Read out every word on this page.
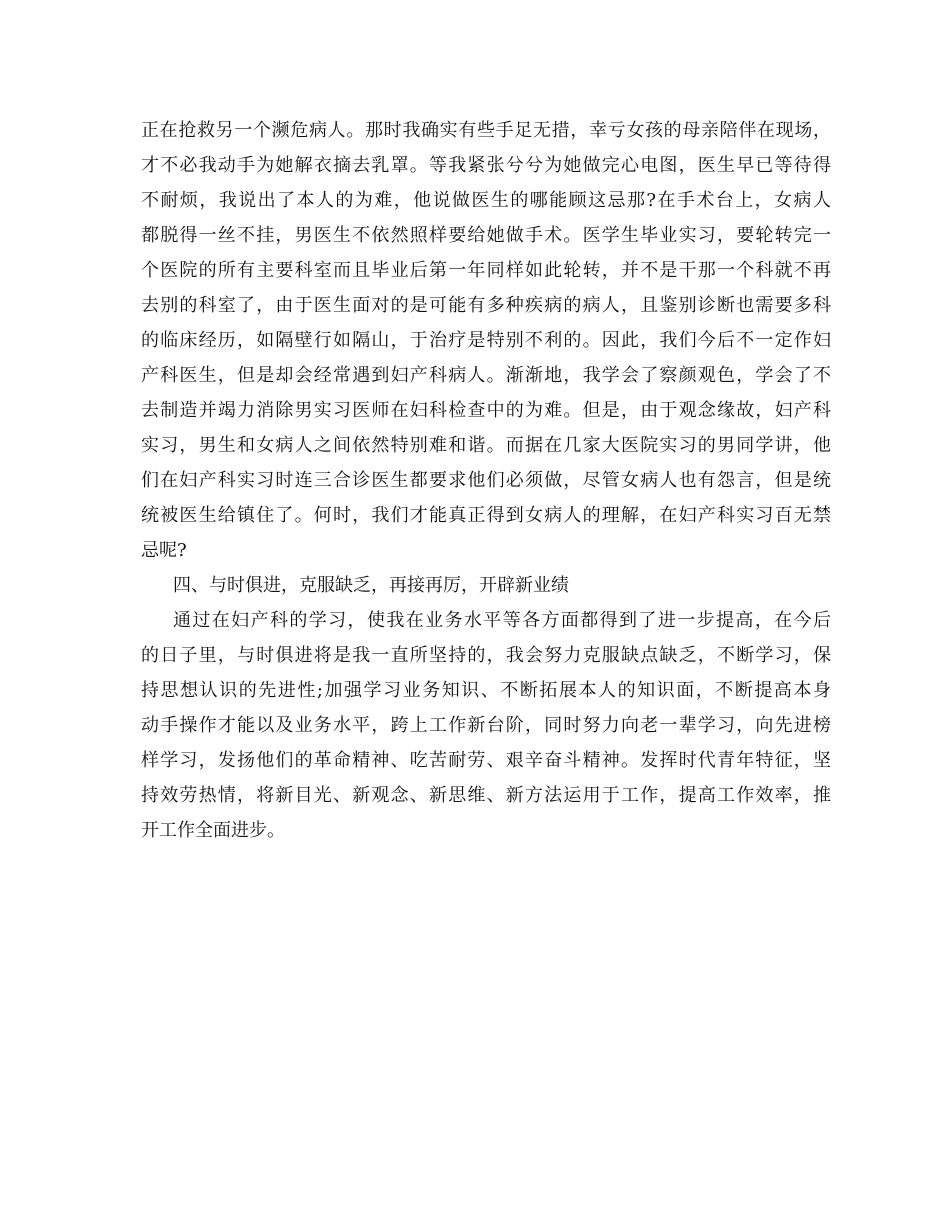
正在抢救另一个濒危病人。那时我确实有些手足无措，幸亏女孩的母亲陪伴在现场，
才不必我动手为她解衣摘去乳罩。等我紧张兮兮为她做完心电图，医生早已等待得
不耐烦，我说出了本人的为难，他说做医生的哪能顾这忌那?在手术台上，女病人
都脱得一丝不挂，男医生不依然照样要给她做手术。医学生毕业实习，要轮转完一
个医院的所有主要科室而且毕业后第一年同样如此轮转，并不是干那一个科就不再
去别的科室了，由于医生面对的是可能有多种疾病的病人，且鉴别诊断也需要多科
的临床经历，如隔壁行如隔山，于治疗是特别不利的。因此，我们今后不一定作妇
产科医生，但是却会经常遇到妇产科病人。渐渐地，我学会了察颜观色，学会了不
去制造并竭力消除男实习医师在妇科检查中的为难。但是，由于观念缘故，妇产科
实习，男生和女病人之间依然特别难和谐。而据在几家大医院实习的男同学讲，他
们在妇产科实习时连三合诊医生都要求他们必须做，尽管女病人也有怨言，但是统
统被医生给镇住了。何时，我们才能真正得到女病人的理解，在妇产科实习百无禁
忌呢?
四、与时俱进，克服缺乏，再接再厉，开辟新业绩
通过在妇产科的学习，使我在业务水平等各方面都得到了进一步提高，在今后
的日子里，与时俱进将是我一直所坚持的，我会努力克服缺点缺乏，不断学习，保
持思想认识的先进性;加强学习业务知识、不断拓展本人的知识面，不断提高本身
动手操作才能以及业务水平，跨上工作新台阶，同时努力向老一辈学习，向先进榜
样学习，发扬他们的革命精神、吃苦耐劳、艰辛奋斗精神。发挥时代青年特征，坚
持效劳热情，将新目光、新观念、新思维、新方法运用于工作，提高工作效率，推
开工作全面进步。
